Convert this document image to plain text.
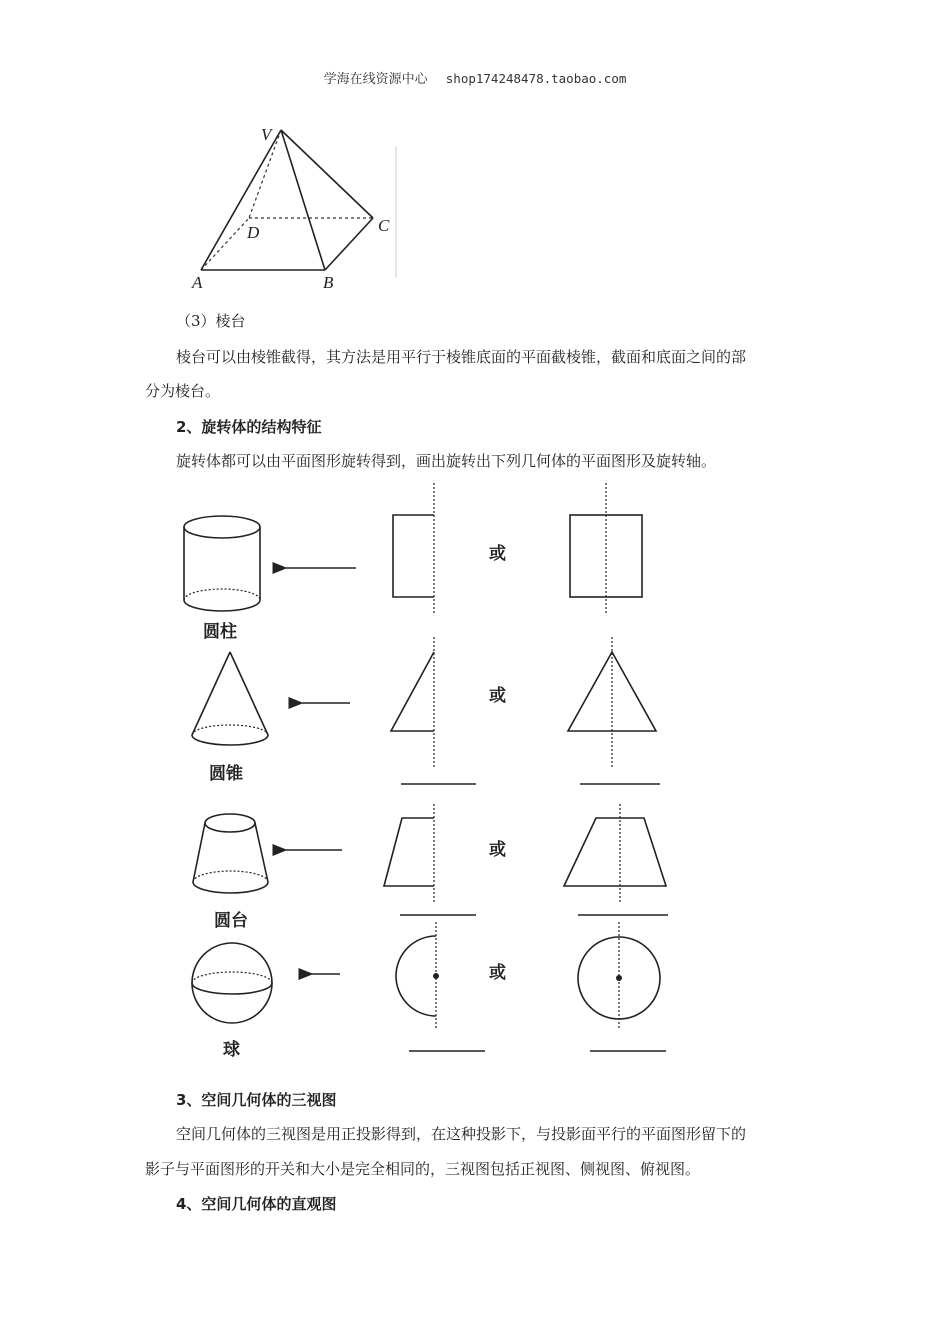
学海在线资源中心 shop174248478.taobao.com
V
D	C
A	B
（3）棱台
棱台可以由棱锥截得，其方法是用平行于棱锥底面的平面截棱锥，截面和底面之间的部
分为棱台。
2、旋转体的结构特征
旋转体都可以由平面图形旋转得到，画出旋转出下列几何体的平面图形及旋转轴。
圆柱
或
圆锥
或
圆台
或
球
或
3、空间几何体的三视图
空间几何体的三视图是用正投影得到，在这种投影下，与投影面平行的平面图形留下的
影子与平面图形的开关和大小是完全相同的，三视图包括正视图、侧视图、俯视图。
4、空间几何体的直观图
